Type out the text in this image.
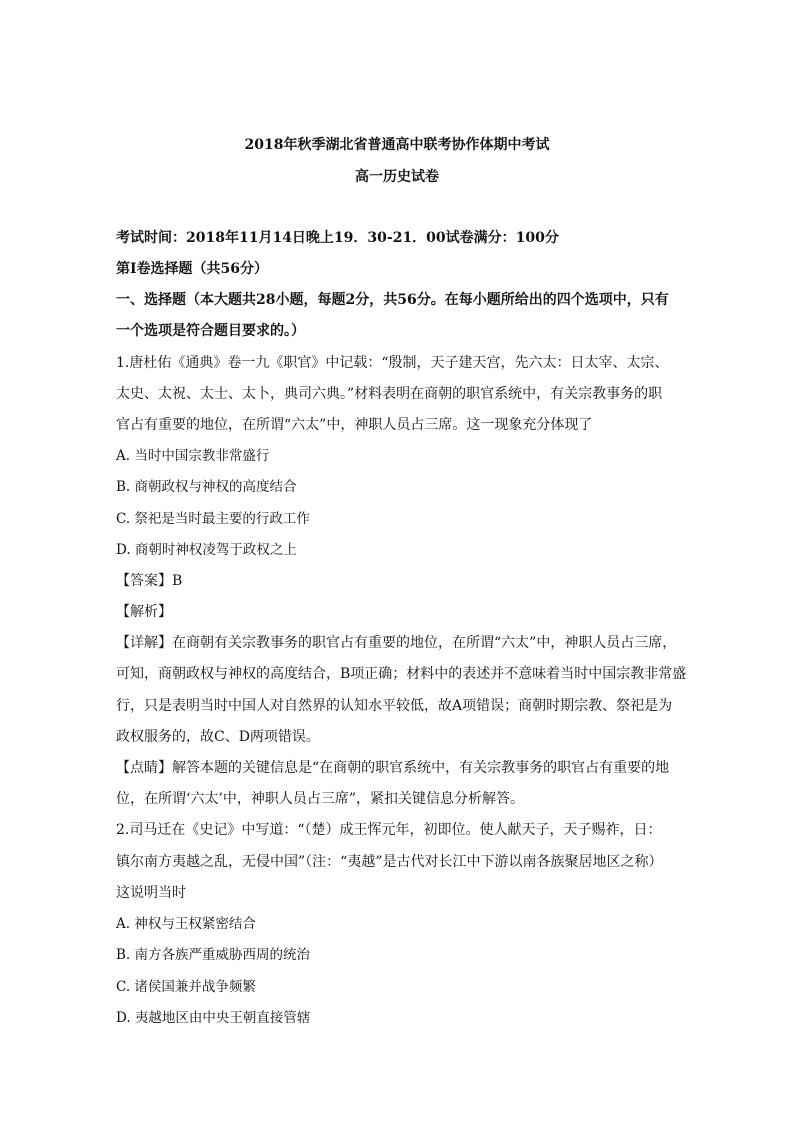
2018年秋季湖北省普通高中联考协作体期中考试
高一历史试卷
考试时间：2018年11月14日晚上19．30-21．00试卷满分：100分
第Ⅰ卷选择题（共56分）
一、选择题（本大题共28小题，每题2分，共56分。在每小题所给出的四个选项中，只有
一个选项是符合题目要求的。）
1.唐杜佑《通典》卷一九《职官》中记载：“殷制，天子建天宫，先六太：日太宰、太宗、
太史、太祝、太士、太卜，典司六典。”材料表明在商朝的职官系统中，有关宗教事务的职
官占有重要的地位，在所谓“六太”中，神职人员占三席。这一现象充分体现了
A. 当时中国宗教非常盛行
B. 商朝政权与神权的高度结合
C. 祭祀是当时最主要的行政工作
D. 商朝时神权凌驾于政权之上
【答案】B
【解析】
【详解】在商朝有关宗教事务的职官占有重要的地位，在所谓“六太”中，神职人员占三席，
可知，商朝政权与神权的高度结合，B项正确；材料中的表述并不意味着当时中国宗教非常盛
行，只是表明当时中国人对自然界的认知水平较低，故A项错误；商朝时期宗教、祭祀是为
政权服务的，故C、D两项错误。
【点睛】解答本题的关键信息是“在商朝的职官系统中，有关宗教事务的职官占有重要的地
位，在所谓‘六太’中，神职人员占三席”，紧扣关键信息分析解答。
2.司马迁在《史记》中写道：“（楚）成王恽元年，初即位。使人献天子，天子赐祚，日：
镇尔南方夷越之乱，无侵中国”（注：“夷越”是古代对长江中下游以南各族聚居地区之称）
这说明当时
A. 神权与王权紧密结合
B. 南方各族严重威胁西周的统治
C. 诸侯国兼并战争频繁
D. 夷越地区由中央王朝直接管辖
